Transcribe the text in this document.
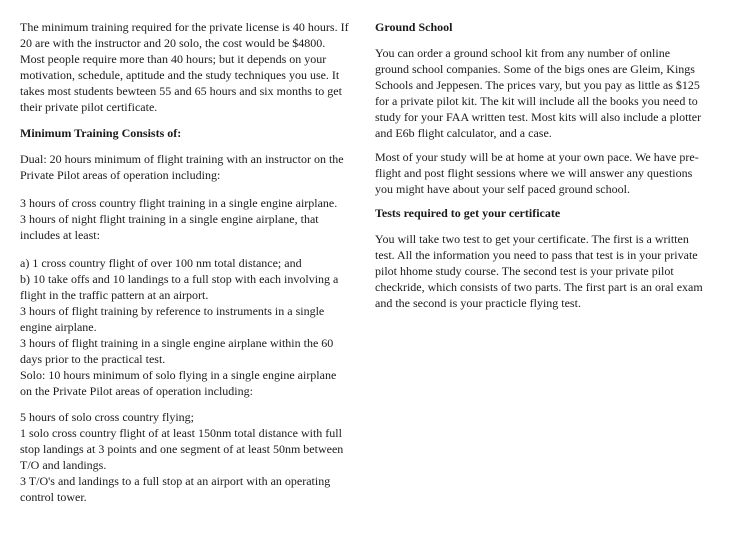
The minimum training required for the private license is 40 hours. If 20 are with the instructor and 20 solo, the cost would be $4800. Most people require more than 40 hours; but it depends on your motivation, schedule, aptitude and the study techniques you use. It takes most students bewteen 55 and 65 hours and six months to get their private pilot certificate.

Minimum Training Consists of:

Dual: 20 hours minimum of flight training with an instructor on the Private Pilot areas of operation including:

3 hours of cross country flight training in a single engine airplane.
3 hours of night flight training in a single engine airplane, that includes at least:
a) 1 cross country flight of over 100 nm total distance; and
b) 10 take offs and 10 landings to a full stop with each involving a flight in the traffic pattern at an airport.
3 hours of flight training by reference to instruments in a single engine airplane.
3 hours of flight training in a single engine airplane within the 60 days prior to the practical test.
Solo: 10 hours minimum of solo flying in a single engine airplane on the Private Pilot areas of operation including:
5 hours of solo cross country flying;
1 solo cross country flight of at least 150nm total distance with full stop landings at 3 points and one segment of at least 50nm between T/O and landings.
3 T/O's and landings to a full stop at an airport with an operating control tower.

Ground School

You can order a ground school kit from any number of online ground school companies. Some of the bigs ones are Gleim, Kings Schools and Jeppesen. The prices vary, but you pay as little as $125 for a private pilot kit. The kit will include all the books you need to study for your FAA written test. Most kits will also include a plotter and E6b flight calculator, and a case.

Most of your study will be at home at your own pace. We have pre-flight and post flight sessions where we will answer any questions you might have about your self paced ground school.

Tests required to get your certificate

You will take two test to get your certificate. The first is a written test. All the information you need to pass that test is in your private pilot hhome study course. The second test is your private pilot checkride, which consists of two parts. The first part is an oral exam and the second is your practicle flying test.
